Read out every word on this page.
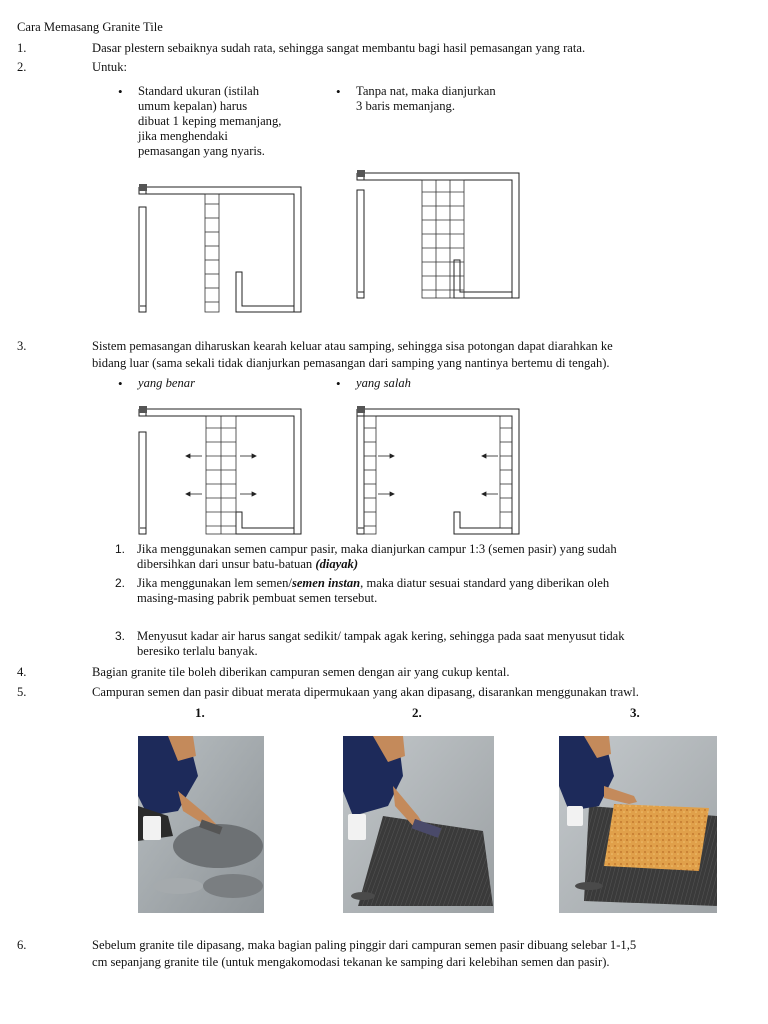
Cara Memasang Granite Tile
1.	Dasar plestern sebaiknya sudah rata, sehingga sangat membantu bagi hasil pemasangan yang rata.
2.	Untuk:
• Standard ukuran (istilah
umum kepalan) harus
dibuat 1 keping memanjang,
jika menghendaki
pemasangan yang nyaris.
• Tanpa nat, maka dianjurkan
3 baris memanjang.
3.	Sistem pemasangan diharuskan kearah keluar atau samping, sehingga sisa potongan dapat diarahkan ke
bidang luar (sama sekali tidak dianjurkan pemasangan dari samping yang nantinya bertemu di tengah).
• yang benar
•	yang salah
1. Jika menggunakan semen campur pasir, maka dianjurkan campur 1:3 (semen pasir) yang sudah
dibersihkan dari unsur batu-batuan (diayak)
2. Jika menggunakan lem semen/semen instan, maka diatur sesuai standard yang diberikan oleh
masing-masing pabrik pembuat semen tersebut.
3. Menyusut kadar air harus sangat sedikit/ tampak agak kering, sehingga pada saat menyusut tidak
beresiko terlalu banyak.
4.	Bagian granite tile boleh diberikan campuran semen dengan air yang cukup kental.
5.	Campuran semen dan pasir dibuat merata dipermukaan yang akan dipasang, disarankan menggunakan trawl.
1.	2.	3.
6.	Sebelum granite tile dipasang, maka bagian paling pinggir dari campuran semen pasir dibuang selebar 1-1,5
cm sepanjang granite tile (untuk mengakomodasi tekanan ke samping dari kelebihan semen dan pasir).
